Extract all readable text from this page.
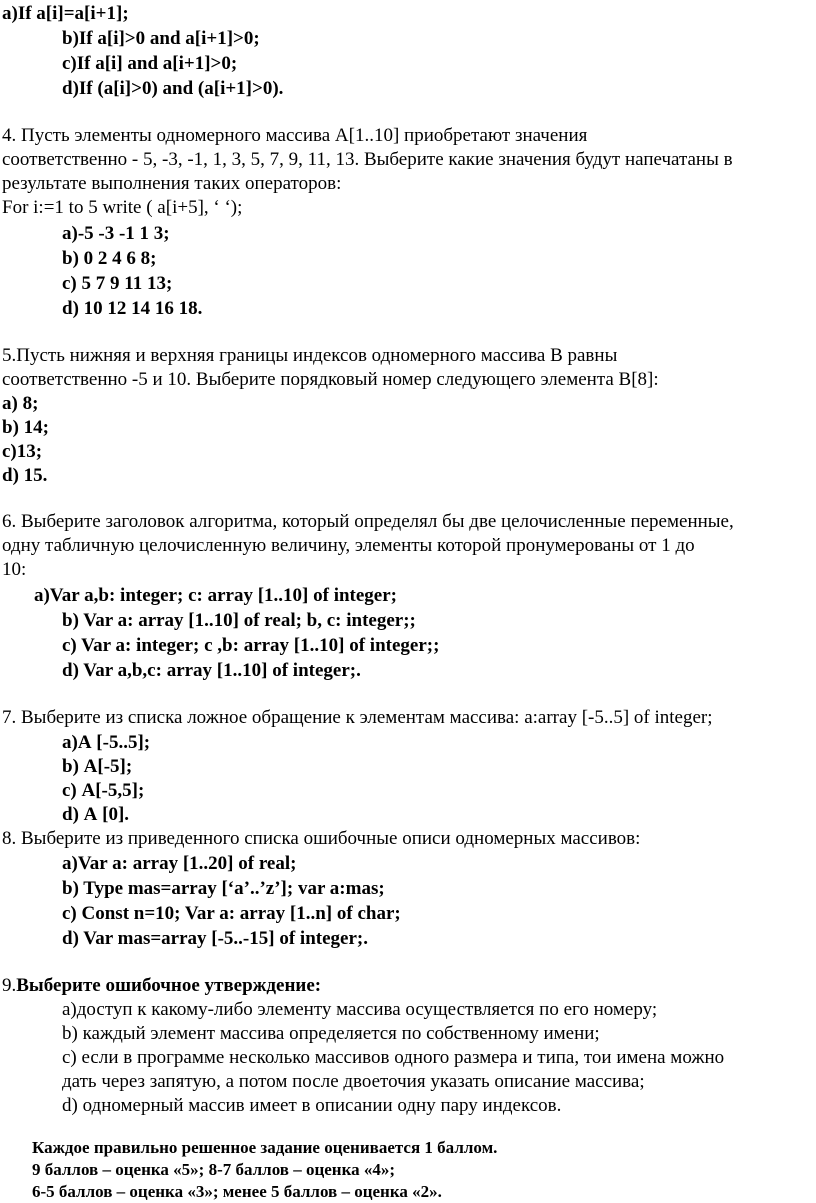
a)If a[i]=a[i+1];
b)If a[i]>0 and a[i+1]>0;
c)If a[i] and a[i+1]>0;
d)If (a[i]>0) and (a[i+1]>0).
4. Пусть элементы одномерного массива А[1..10] приобретают значения
соответственно - 5, -3, -1, 1, 3, 5, 7, 9, 11, 13. Выберите какие значения будут напечатаны в
результате выполнения таких операторов:
For i:=1 to 5 write ( a[i+5], ‘ ‘);
а)-5 -3 -1 1 3;
b) 0 2 4 6 8;
c) 5 7 9 11 13;
d) 10 12 14 16 18.
5.Пусть нижняя и верхняя границы индексов одномерного массива В равны
соответственно -5 и 10. Выберите порядковый номер следующего элемента В[8]:
а) 8;
b) 14;
c)13;
d) 15.
6. Выберите заголовок алгоритма, который определял бы две целочисленные переменные,
одну табличную целочисленную величину, элементы которой пронумерованы от 1 до
10:
a)Var a,b: integer; c: array [1..10] of integer;
b) Var a: array [1..10] of real; b, c: integer;;
c) Var a: integer; c ,b: array [1..10] of integer;;
d) Var a,b,c: array [1..10] of integer;.
7. Выберите из списка ложное обращение к элементам массива: a:array [-5..5] of integer;
а)А [-5..5];
b) А[-5];
c) А[-5,5];
d) А [0].
8. Выберите из приведенного списка ошибочные описи одномерных массивов:
a)Var a: array [1..20] of real;
b) Type mas=array [‘a’..’z’]; var a:mas;
c) Const n=10; Var a: array [1..n] of char;
d) Var mas=array [-5..-15] of integer;.
9.Выберите ошибочное утверждение:
а)доступ к какому-либо элементу массива осуществляется по его номеру;
b) каждый элемент массива определяется по собственному имени;
c) если в программе несколько массивов одного размера и типа, тои имена можно
дать через запятую, а потом после двоеточия указать описание массива;
d) одномерный массив имеет в описании одну пару индексов.
Каждое правильно решенное задание оценивается 1 баллом.
9 баллов – оценка «5»; 8-7 баллов – оценка «4»;
6-5 баллов – оценка «3»; менее 5 баллов – оценка «2».
